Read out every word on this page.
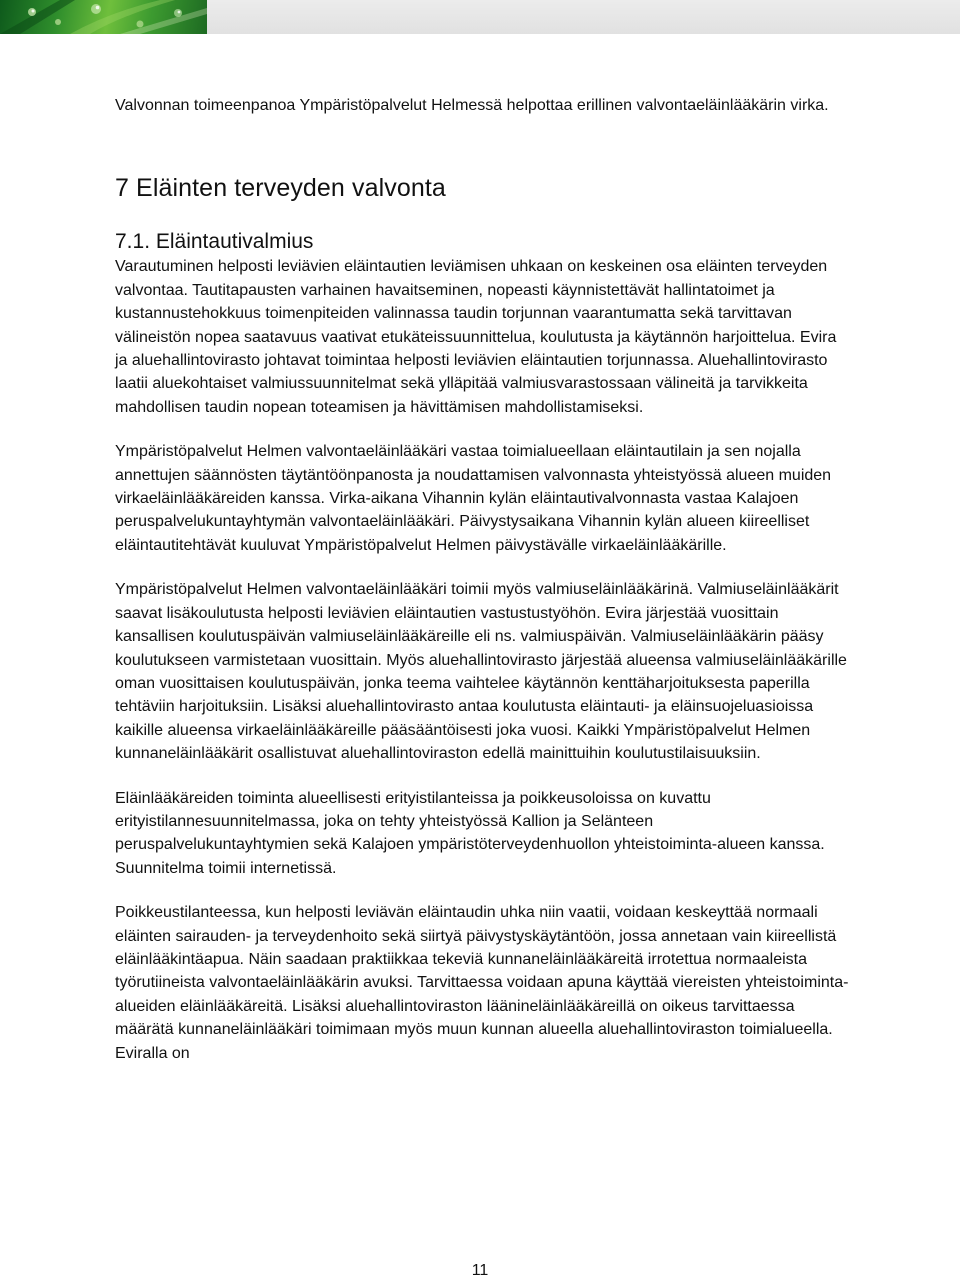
Valvonnan toimeenpanoa Ympäristöpalvelut Helmessä helpottaa erillinen valvontaeläinlääkärin virka.

7 Eläinten terveyden valvonta
7.1. Eläintautivalmius

Varautuminen helposti leviävien eläintautien leviämisen uhkaan on keskeinen osa eläinten terveyden valvontaa. Tautitapausten varhainen havaitseminen, nopeasti käynnistettävät hallintatoimet ja kustannustehokkuus toimenpiteiden valinnassa taudin torjunnan vaarantumatta sekä tarvittavan välineistön nopea saatavuus vaativat etukäteissuunnittelua, koulutusta ja käytännön harjoittelua. Evira ja aluehallintovirasto johtavat toimintaa helposti leviävien eläintautien torjunnassa. Aluehallintovirasto laatii aluekohtaiset valmiussuunnitelmat sekä ylläpitää valmiusvarastossaan välineitä ja tarvikkeita mahdollisen taudin nopean toteamisen ja hävittämisen mahdollistamiseksi.

Ympäristöpalvelut Helmen valvontaeläinlääkäri vastaa toimialueellaan eläintautilain ja sen nojalla annettujen säännösten täytäntöönpanosta ja noudattamisen valvonnasta yhteistyössä alueen muiden virkaeläinlääkäreiden kanssa. Virka-aikana Vihannin kylän eläintautivalvonnasta vastaa Kalajoen peruspalvelukuntayhtymän valvontaeläinlääkäri. Päivystysaikana Vihannin kylän alueen kiireelliset eläintautitehtävät kuuluvat Ympäristöpalvelut Helmen päivystävälle virkaeläinlääkärille.

Ympäristöpalvelut Helmen valvontaeläinlääkäri toimii myös valmiuseläinlääkärinä. Valmiuseläinlääkärit saavat lisäkoulutusta helposti leviävien eläintautien vastustustyöhön. Evira järjestää vuosittain kansallisen koulutuspäivän valmiuseläinlääkäreille eli ns. valmiuspäivän. Valmiuseläinlääkärin pääsy koulutukseen varmistetaan vuosittain. Myös aluehallintovirasto järjestää alueensa valmiuseläinlääkärille oman vuosittaisen koulutuspäivän, jonka teema vaihtelee käytännön kenttäharjoituksesta paperilla tehtäviin harjoituksiin. Lisäksi aluehallintovirasto antaa koulutusta eläintauti- ja eläinsuojeluasioissa kaikille alueensa virkaeläinlääkäreille pääsääntöisesti joka vuosi. Kaikki Ympäristöpalvelut Helmen kunnaneläinlääkärit osallistuvat aluehallintoviraston edellä mainittuihin koulutustilaisuuksiin.

Eläinlääkäreiden toiminta alueellisesti erityistilanteissa ja poikkeusoloissa on kuvattu erityistilannesuunnitelmassa, joka on tehty yhteistyössä Kallion ja Selänteen peruspalvelukuntayhtymien sekä Kalajoen ympäristöterveydenhuollon yhteistoiminta-alueen kanssa. Suunnitelma toimii internetissä.

Poikkeustilanteessa, kun helposti leviävän eläintaudin uhka niin vaatii, voidaan keskeyttää normaali eläinten sairauden- ja terveydenhoito sekä siirtyä päivystyskäytäntöön, jossa annetaan vain kiireellistä eläinlääkintäapua. Näin saadaan praktiikkaa tekeviä kunnaneläinlääkäreitä irrotettua normaaleista työrutiineista valvontaeläinlääkärin avuksi. Tarvittaessa voidaan apuna käyttää viereisten yhteistoiminta-alueiden eläinlääkäreitä. Lisäksi aluehallintoviraston läänineläinlääkäreillä on oikeus tarvittaessa määrätä kunnaneläinlääkäri toimimaan myös muun kunnan alueella aluehallintoviraston toimialueella. Eviralla on

11
